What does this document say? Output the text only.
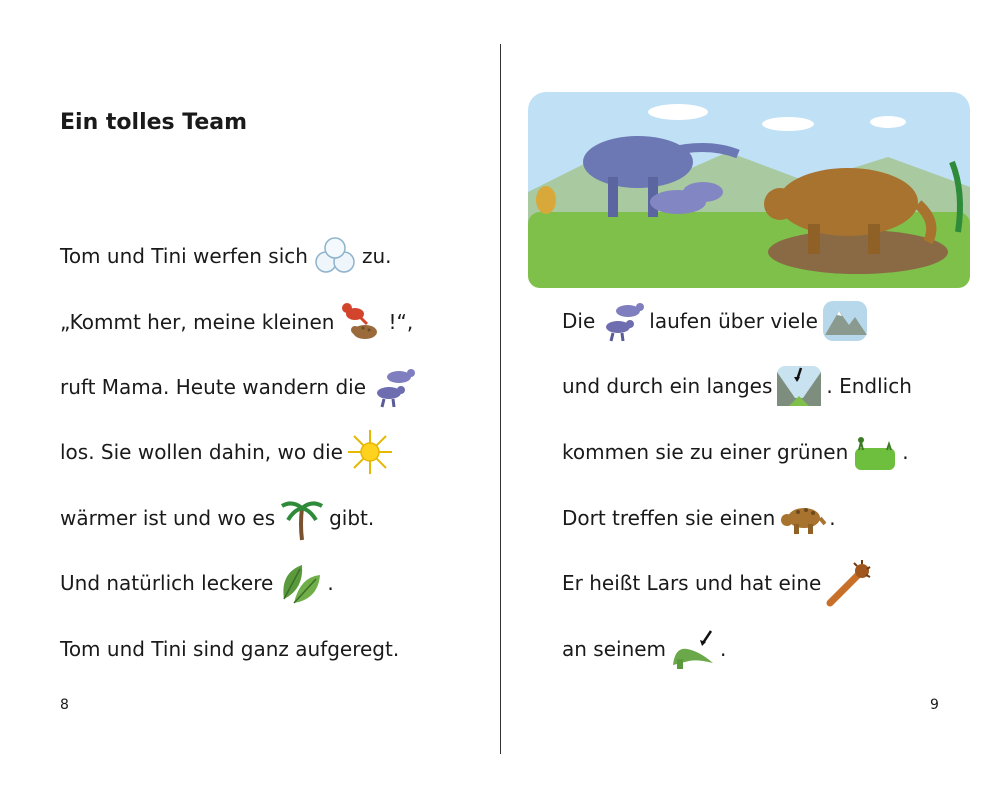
Ein tolles Team
Tom und Tini werfen sich	zu.
„Kommt her, meine kleinen	!“,
ruft Mama. Heute wandern die
los. Sie wollen dahin, wo die
wärmer ist und wo es	gibt.
Und natürlich leckere	.
Tom und Tini sind ganz aufgeregt.
8
Die	laufen über viele
und durch ein langes	. Endlich
kommen sie zu einer grünen	.
Dort treffen sie einen	.
Er heißt Lars und hat eine
an seinem	.
9
